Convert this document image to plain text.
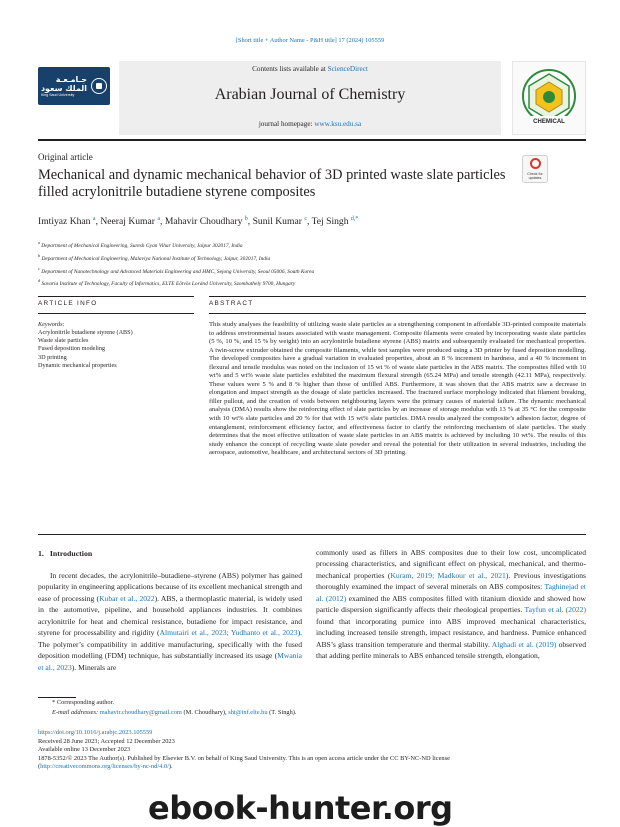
[Short title + Author Name - P&H title] 17 (2024) 105559
جـامـعـة
الملك سعود
King Saud University
Contents lists available at ScienceDirect
Arabian Journal of Chemistry
journal homepage: www.ksu.edu.sa	CHEMICAL
Original article
Mechanical and dynamic mechanical behavior of 3D printed waste slate particles filled acrylonitrile butadiene styrene composites
Check for updates
Imtiyaz Khan $^a$, Neeraj Kumar $^a$, Mahavir Choudhary $^b$, Sunil Kumar $^c$, Tej Singh $^{d,*}$
$^a$ Department of Mechanical Engineering, Suresh Gyan Vihar University, Jaipur 302017, India
$^b$ Department of Mechanical Engineering, Malaviya National Institute of Technology, Jaipur, 302017, India
$^c$ Department of Nanotechnology and Advanced Materials Engineering and HMC, Sejong University, Seoul 05006, South Korea
$^d$ Savaria Institute of Technology, Faculty of Informatics, ELTE Eötvös Loránd University, Szombathely 9700, Hungary
ARTICLE INFO	ABSTRACT
Keywords:
Acrylonitrile butadiene styrene (ABS)
Waste slate particles
Fused deposition modeling
3D printing
Dynamic mechanical properties
This study analyses the feasibility of utilizing waste slate particles as a strengthening component in affordable 3D-printed composite materials to address environmental issues associated with waste management. Composite filaments were created by incorporating waste slate particles (5 %, 10 %, and 15 % by weight) into an acrylonitrile butadiene styrene (ABS) matrix and subsequently evaluated for mechanical properties. A twin-screw extruder obtained the composite filaments, while test samples were produced using a 3D printer by fused deposition modelling. The developed composites have a gradual variation in evaluated properties, about an 8 % increment in hardness, and a 40 % increment in flexural and tensile modulus was noted on the inclusion of 15 wt % of waste slate particles in the ABS matrix. The composites filled with 10 wt% and 5 wt% waste slate particles exhibited the maximum flexural strength (65.24 MPa) and tensile strength (42.11 MPa), respectively. These values were 5 % and 8 % higher than those of unfilled ABS. Furthermore, it was shown that the ABS matrix saw a decrease in elongation and impact strength as the dosage of slate particles increased. The fractured surface morphology indicated that filament breaking, filler pullout, and the creation of voids between neighbouring layers were the primary causes of material failure. The dynamic mechanical analysis (DMA) results show the reinforcing effect of slate particles by an increase of storage modulus with 13 % at 35 °C for the composite with 10 wt% slate particles and 20 % for that with 15 wt% slate particles. DMA results analyzed the composite’s adhesion factor, degree of entanglement, reinforcement efficiency factor, and effectiveness factor to clarify the reinforcing mechanism of slate particles. The study determines that the most effective utilization of waste slate particles in an ABS matrix is achieved by including 10 wt%. The results of this study enhance the concept of recycling waste slate powder and reveal the potential for their utilization in several industries, including the aerospace, automotive, healthcare, and architectural sectors of 3D printing.
1. Introduction
In recent decades, the acrylonitrile–butadiene–styrene (ABS) polymer has gained popularity in engineering applications because of its excellent mechanical strength and ease of processing (Kubar et al., 2022). ABS, a thermoplastic material, is widely used in the automotive, pipeline, and household appliances industries. It combines acrylonitrile for heat and chemical resistance, butadiene for impact resistance, and styrene for processability and rigidity (Almutairi et al., 2023; Yudhanto et al., 2023). The polymer’s compatibility in additive manufacturing, specifically with the fused deposition modelling (FDM) technique, has substantially increased its usage (Mwania et al., 2023). Minerals are
commonly used as fillers in ABS composites due to their low cost, uncomplicated processing characteristics, and significant effect on physical, mechanical, and thermo-mechanical properties (Kuram, 2019; Madkour et al., 2021). Previous investigations thoroughly examined the impact of several minerals on ABS composites: Taghinejad et al. (2012) examined the ABS composites filled with titanium dioxide and showed how particle dispersion significantly affects their rheological properties. Tayfun et al. (2022) found that incorporating pumice into ABS improved mechanical characteristics, including increased tensile strength, impact resistance, and hardness. Pumice enhanced ABS’s glass transition temperature and thermal stability. Alghadi et al. (2019) observed that adding perlite minerals to ABS enhanced tensile strength, elongation,
* Corresponding author.
E-mail addresses: mahavir.choudhary@gmail.com (M. Choudhary), sht@inf.elte.hu (T. Singh).
https://doi.org/10.1016/j.arabjc.2023.105559
Received 28 June 2023; Accepted 12 December 2023
Available online 13 December 2023
1878-5352/© 2023 The Author(s). Published by Elsevier B.V. on behalf of King Saud University. This is an open access article under the CC BY-NC-ND license
(http://creativecommons.org/licenses/by-nc-nd/4.0/).
ebook-hunter.org
